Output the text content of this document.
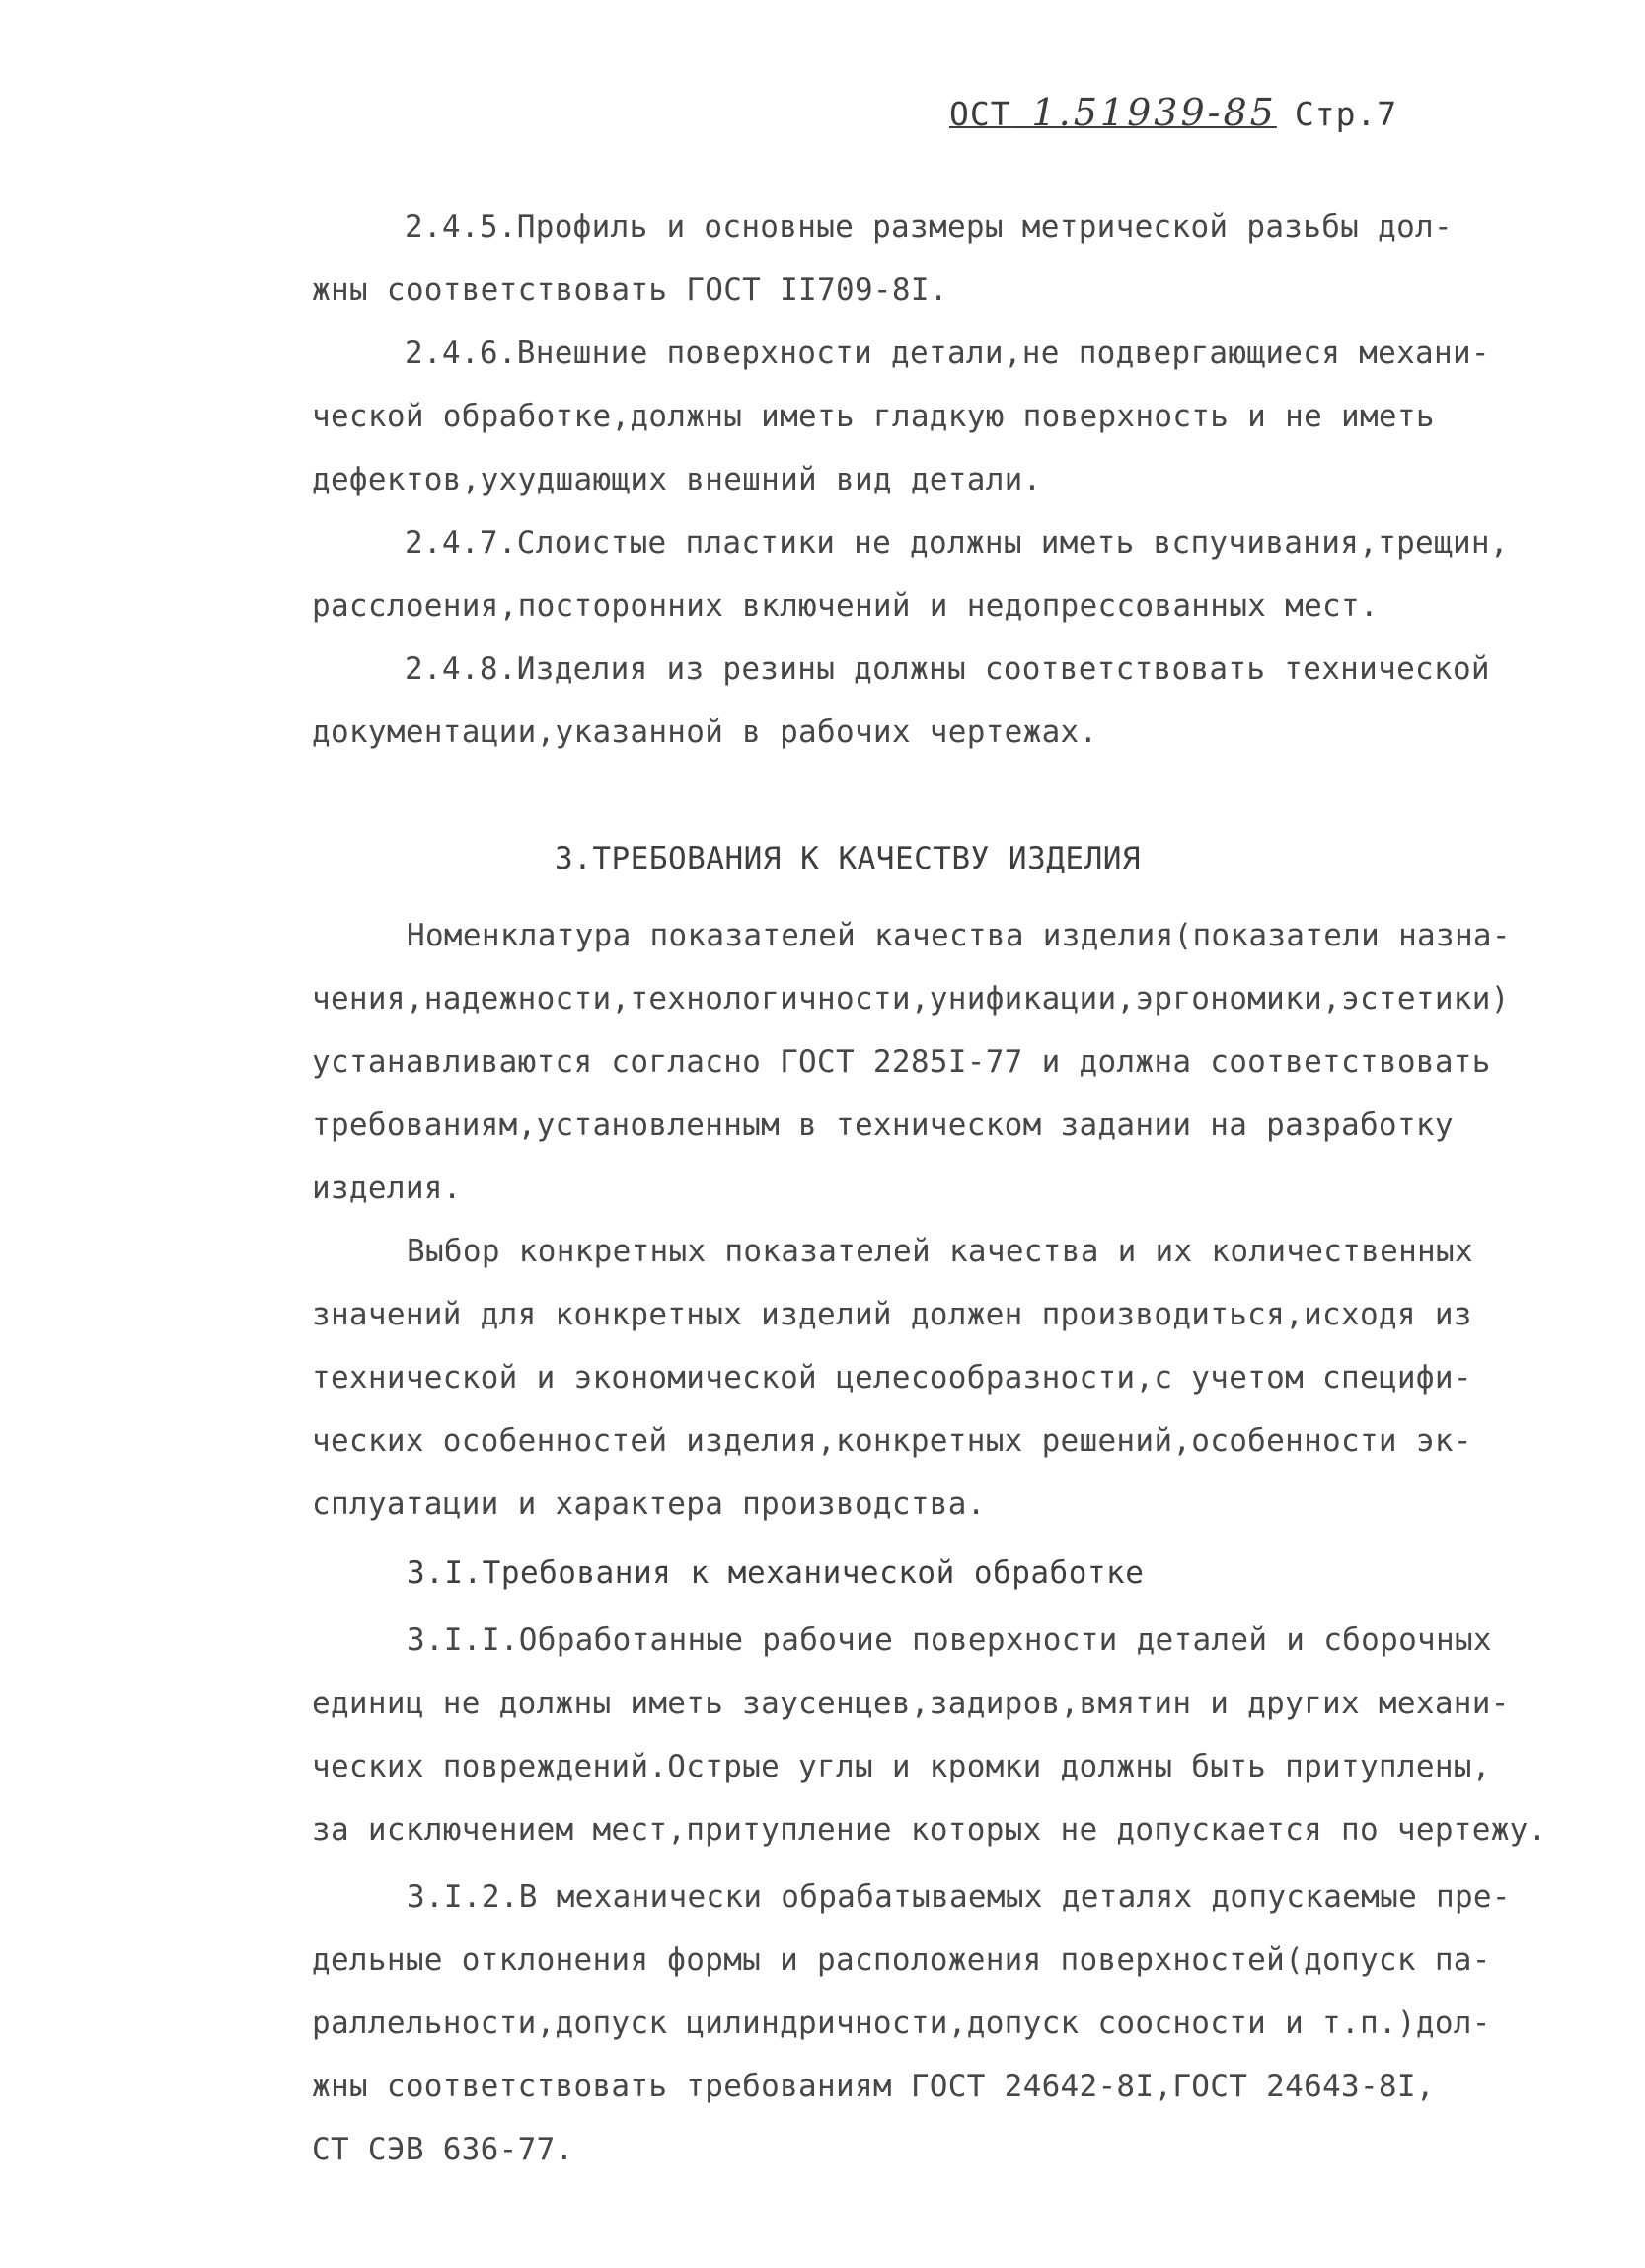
ОСТ 1.51939-85 Стр.7
2.4.5.Профиль и основные размеры метрической разьбы дол-
жны соответствовать ГОСТ II709-8I.
2.4.6.Внешние поверхности детали,не подвергающиеся механи-
ческой обработке,должны иметь гладкую поверхность и не иметь
дефектов,ухудшающих внешний вид детали.
2.4.7.Слоистые пластики не должны иметь вспучивания,трещин,
расслоения,посторонних включений и недопрессованных мест.
2.4.8.Изделия из резины должны соответствовать технической
документации,указанной в рабочих чертежах.
3.ТРЕБОВАНИЯ К КАЧЕСТВУ ИЗДЕЛИЯ
Номенклатура показателей качества изделия(показатели назна-
чения,надежности,технологичности,унификации,эргономики,эстетики)
устанавливаются согласно ГОСТ 2285I-77 и должна соответствовать
требованиям,установленным в техническом задании на разработку
изделия.
Выбор конкретных показателей качества и их количественных
значений для конкретных изделий должен производиться,исходя из
технической и экономической целесообразности,с учетом специфи-
ческих особенностей изделия,конкретных решений,особенности эк-
сплуатации и характера производства.
3.I.Требования к механической обработке
3.I.I.Обработанные рабочие поверхности деталей и сборочных
единиц не должны иметь заусенцев,задиров,вмятин и других механи-
ческих повреждений.Острые углы и кромки должны быть притуплены,
за исключением мест,притупление которых не допускается по чертежу.
3.I.2.В механически обрабатываемых деталях допускаемые пре-
дельные отклонения формы и расположения поверхностей(допуск па-
раллельности,допуск цилиндричности,допуск соосности и т.п.)дол-
жны соответствовать требованиям ГОСТ 24642-8I,ГОСТ 24643-8I,
СТ СЭВ 636-77.
